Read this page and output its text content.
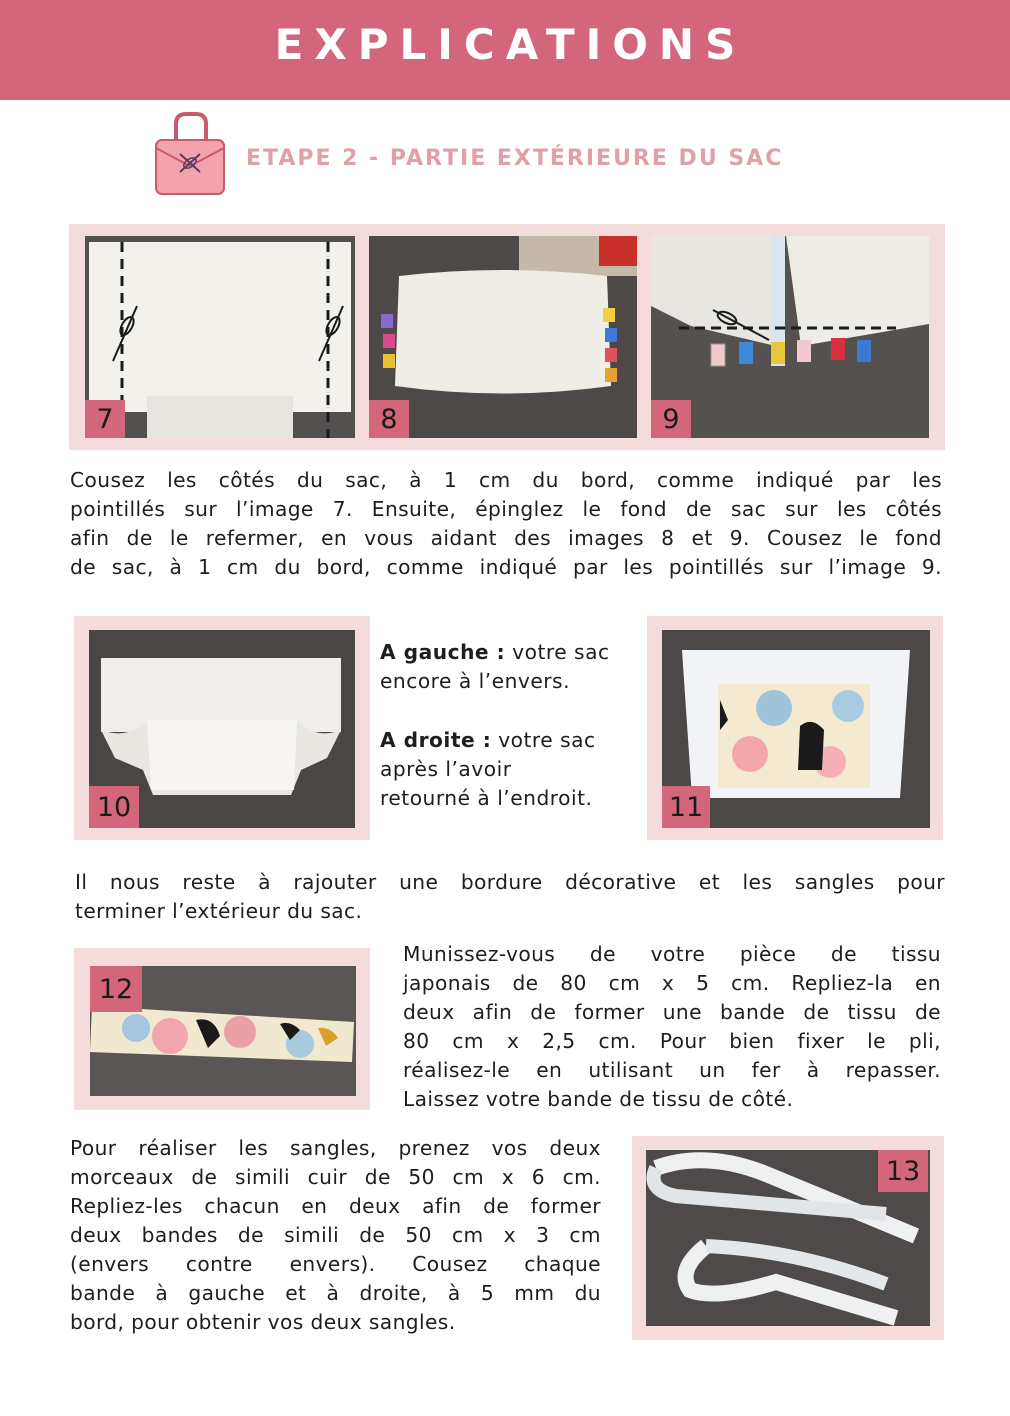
EXPLICATIONS
ETAPE 2 - PARTIE EXTÉRIEURE DU SAC
7	8	9
Cousez les côtés du sac, à 1 cm du bord, comme indiqué par les
pointillés sur l’image 7. Ensuite, épinglez le fond de sac sur les côtés
afin de le refermer, en vous aidant des images 8 et 9. Cousez le fond
de sac, à 1 cm du bord, comme indiqué par les pointillés sur l’image 9.
10
A gauche : votre sac
encore à l’envers.
A droite : votre sac
après l’avoir
retourné à l’endroit.	11
Il nous reste à rajouter une bordure décorative et les sangles pour
terminer l’extérieur du sac.
12
Munissez-vous de votre pièce de tissu
japonais de 80 cm x 5 cm. Repliez-la en
deux afin de former une bande de tissu de
80 cm x 2,5 cm. Pour bien fixer le pli,
réalisez-le en utilisant un fer à repasser.
Laissez votre bande de tissu de côté.
Pour réaliser les sangles, prenez vos deux
morceaux de simili cuir de 50 cm x 6 cm.
Repliez-les chacun en deux afin de former
deux bandes de simili de 50 cm x 3 cm
(envers contre envers). Cousez chaque
bande à gauche et à droite, à 5 mm du
bord, pour obtenir vos deux sangles.
13
